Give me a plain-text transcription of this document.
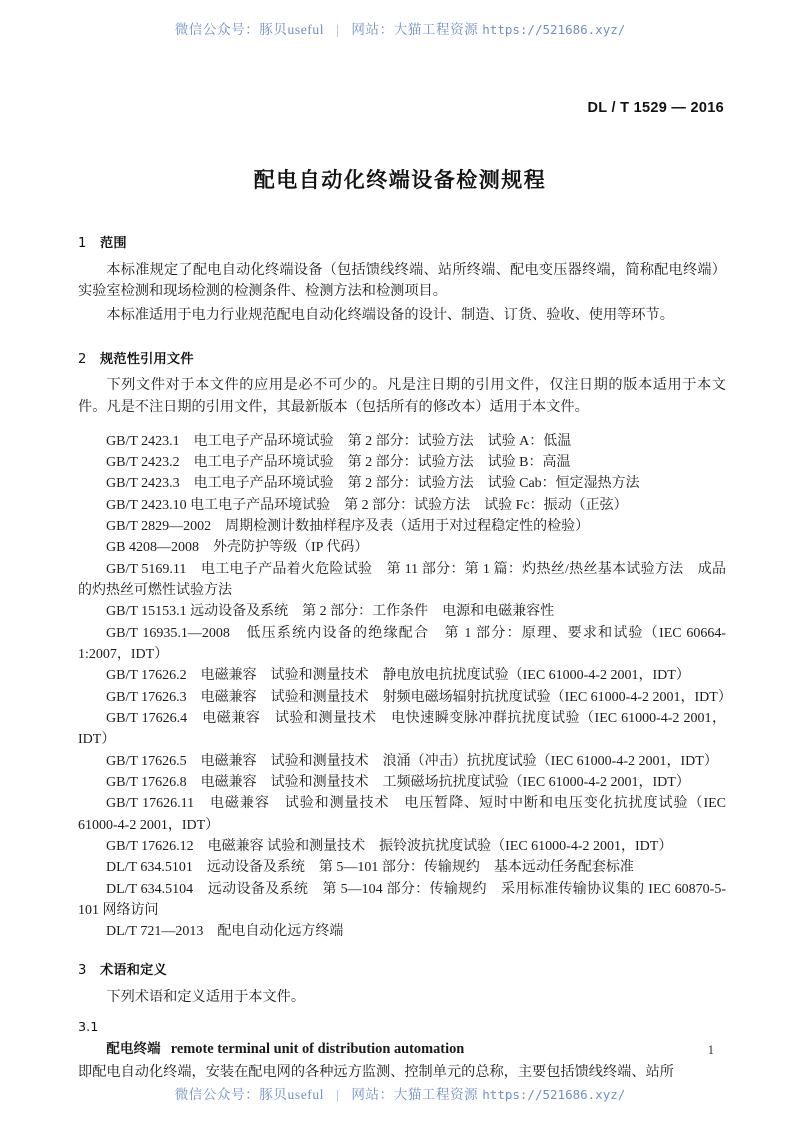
微信公众号：豚贝useful | 网站：大猫工程资源 https://521686.xyz/
DL / T 1529 — 2016
配电自动化终端设备检测规程
1 范围

本标准规定了配电自动化终端设备（包括馈线终端、站所终端、配电变压器终端，简称配电终端）实验室检测和现场检测的检测条件、检测方法和检测项目。

本标准适用于电力行业规范配电自动化终端设备的设计、制造、订货、验收、使用等环节。

2 规范性引用文件

下列文件对于本文件的应用是必不可少的。凡是注日期的引用文件，仅注日期的版本适用于本文件。凡是不注日期的引用文件，其最新版本（包括所有的修改本）适用于本文件。

GB/T 2423.1　电工电子产品环境试验　第 2 部分：试验方法　试验 A：低温
GB/T 2423.2　电工电子产品环境试验　第 2 部分：试验方法　试验 B：高温
GB/T 2423.3　电工电子产品环境试验　第 2 部分：试验方法　试验 Cab：恒定湿热方法
GB/T 2423.10 电工电子产品环境试验　第 2 部分：试验方法　试验 Fc：振动（正弦）
GB/T 2829—2002　周期检测计数抽样程序及表（适用于对过程稳定性的检验）
GB 4208—2008　外壳防护等级（IP 代码）
GB/T 5169.11　电工电子产品着火危险试验　第 11 部分：第 1 篇：灼热丝/热丝基本试验方法　成品的灼热丝可燃性试验方法
GB/T 15153.1 远动设备及系统　第 2 部分：工作条件　电源和电磁兼容性
GB/T 16935.1—2008　低压系统内设备的绝缘配合　第 1 部分：原理、要求和试验（IEC 60664-1:2007，IDT）
GB/T 17626.2　电磁兼容　试验和测量技术　静电放电抗扰度试验（IEC 61000-4-2 2001，IDT）
GB/T 17626.3　电磁兼容　试验和测量技术　射频电磁场辐射抗扰度试验（IEC 61000-4-2 2001，IDT）
GB/T 17626.4　电磁兼容　试验和测量技术　电快速瞬变脉冲群抗扰度试验（IEC 61000-4-2 2001，IDT）
GB/T 17626.5　电磁兼容　试验和测量技术　浪涌（冲击）抗扰度试验（IEC 61000-4-2 2001，IDT）
GB/T 17626.8　电磁兼容　试验和测量技术　工频磁场抗扰度试验（IEC 61000-4-2 2001，IDT）
GB/T 17626.11　电磁兼容　试验和测量技术　电压暂降、短时中断和电压变化抗扰度试验（IEC 61000-4-2 2001，IDT）
GB/T 17626.12　电磁兼容 试验和测量技术　振铃波抗扰度试验（IEC 61000-4-2 2001，IDT）
DL/T 634.5101　远动设备及系统　第 5—101 部分：传输规约　基本远动任务配套标准
DL/T 634.5104　远动设备及系统　第 5—104 部分：传输规约　采用标准传输协议集的 IEC 60870-5-101 网络访问
DL/T 721—2013　配电自动化远方终端
3 术语和定义

下列术语和定义适用于本文件。

3.1
配电终端 remote terminal unit of distribution automation

即配电自动化终端，安装在配电网的各种远方监测、控制单元的总称，主要包括馈线终端、站所

1
微信公众号：豚贝useful | 网站：大猫工程资源 https://521686.xyz/
